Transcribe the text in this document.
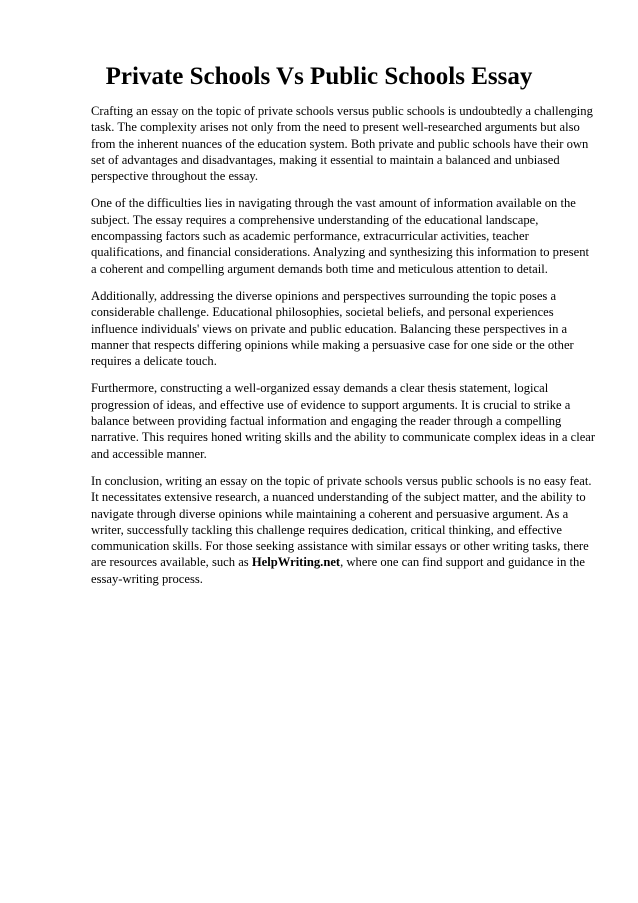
Private Schools Vs Public Schools Essay

Crafting an essay on the topic of private schools versus public schools is undoubtedly a challenging task. The complexity arises not only from the need to present well-researched arguments but also from the inherent nuances of the education system. Both private and public schools have their own set of advantages and disadvantages, making it essential to maintain a balanced and unbiased perspective throughout the essay.

One of the difficulties lies in navigating through the vast amount of information available on the subject. The essay requires a comprehensive understanding of the educational landscape, encompassing factors such as academic performance, extracurricular activities, teacher qualifications, and financial considerations. Analyzing and synthesizing this information to present a coherent and compelling argument demands both time and meticulous attention to detail.

Additionally, addressing the diverse opinions and perspectives surrounding the topic poses a considerable challenge. Educational philosophies, societal beliefs, and personal experiences influence individuals' views on private and public education. Balancing these perspectives in a manner that respects differing opinions while making a persuasive case for one side or the other requires a delicate touch.

Furthermore, constructing a well-organized essay demands a clear thesis statement, logical progression of ideas, and effective use of evidence to support arguments. It is crucial to strike a balance between providing factual information and engaging the reader through a compelling narrative. This requires honed writing skills and the ability to communicate complex ideas in a clear and accessible manner.

In conclusion, writing an essay on the topic of private schools versus public schools is no easy feat. It necessitates extensive research, a nuanced understanding of the subject matter, and the ability to navigate through diverse opinions while maintaining a coherent and persuasive argument. As a writer, successfully tackling this challenge requires dedication, critical thinking, and effective communication skills. For those seeking assistance with similar essays or other writing tasks, there are resources available, such as HelpWriting.net, where one can find support and guidance in the essay-writing process.
